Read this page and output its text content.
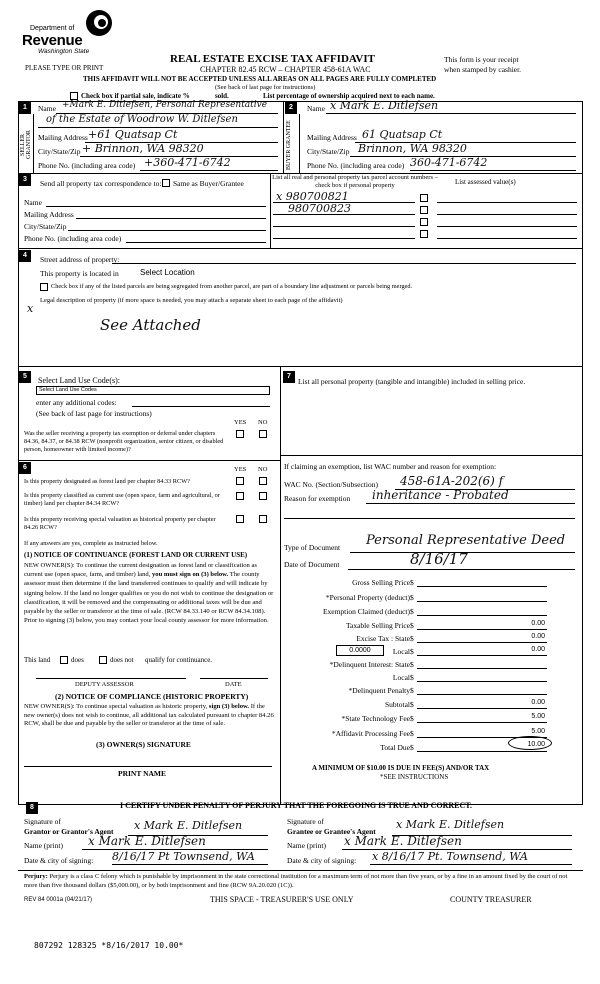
Department of
Revenue
Washington State
PLEASE TYPE OR PRINT
REAL ESTATE EXCISE TAX AFFIDAVIT
CHAPTER 82.45 RCW – CHAPTER 458-61A WAC
This form is your receipt
when stamped by cashier.
THIS AFFIDAVIT WILL NOT BE ACCEPTED UNLESS ALL AREAS ON ALL PAGES ARE FULLY COMPLETED
(See back of last page for instructions)
Check box if partial sale, indicate %	sold.	List percentage of ownership acquired next to each name.
1
SELLER GRANTOR
Name +Mark E. Ditlefsen, Personal Representative
of the Estate of Woodrow W. Ditlefsen
Mailing Address +61 Quatsap Ct
City/State/Zip + Brinnon, WA 98320
Phone No. (including area code) +360-471-6742
2
BUYER GRANTEE
Name x Mark E. Ditlefsen
Mailing Address 61 Quatsap Ct
City/State/Zip Brinnon, WA 98320
Phone No. (including area code) 360-471-6742
3	Send all property tax correspondence to: Same as Buyer/Grantee
Name
Mailing Address
City/State/Zip
Phone No. (including area code)
List all real and personal property tax parcel account numbers – check box if personal property	List assessed value(s)
x 980700821
980700823
4	Street address of property:
This property is located in	Select Location
Check box if any of the listed parcels are being segregated from another parcel, are part of a boundary line adjustment or parcels being merged.
Legal description of property (if more space is needed, you may attach a separate sheet to each page of the affidavit)
x
See Attached
5	Select Land Use Code(s):
Select Land Use Codes
enter any additional codes:
(See back of last page for instructions)
YES NO
Was the seller receiving a property tax exemption or deferral under chapters 84.36, 84.37, or 84.38 RCW (nonprofit organization, senior citizen, or disabled person, homeowner with limited income)?
7
List all personal property (tangible and intangible) included in selling price.
6	YES NO
Is this property designated as forest land per chapter 84.33 RCW?
Is this property classified as current use (open space, farm and agricultural, or timber) land per chapter 84.34 RCW?
Is this property receiving special valuation as historical property per chapter 84.26 RCW?
If any answers are yes, complete as instructed below.
(1) NOTICE OF CONTINUANCE (FOREST LAND OR CURRENT USE)
NEW OWNER(S): To continue the current designation as forest land or classification as current use (open space, farm, and timber) land, you must sign on (3) below. The county assessor must then determine if the land transferred continues to qualify and will indicate by signing below. If the land no longer qualifies or you do not wish to continue the designation or classification, it will be removed and the compensating or additional taxes will be due and payable by the seller or transferor at the time of sale. (RCW 84.33.140 or RCW 84.34.108). Prior to signing (3) below, you may contact your local county assessor for more information.
This land	does	does not qualify for continuance.
DEPUTY ASSESSOR	DATE
(2) NOTICE OF COMPLIANCE (HISTORIC PROPERTY)
NEW OWNER(S): To continue special valuation as historic property, sign (3) below. If the new owner(s) does not wish to continue, all additional tax calculated pursuant to chapter 84.26 RCW, shall be due and payable by the seller or transferor at the time of sale.
(3) OWNER(S) SIGNATURE
PRINT NAME
If claiming an exemption, list WAC number and reason for exemption:
WAC No. (Section/Subsection) 458-61A-202(6) f
Reason for exemption inheritance - Probated
Type of Document Personal Representative Deed
Date of Document	8/16/17
Gross Selling Price $
*Personal Property (deduct) $
Exemption Claimed (deduct) $
Taxable Selling Price $	0.00
Excise Tax : State $	0.00
0.0000	Local $	0.00
*Delinquent Interest: State $
Local $
*Delinquent Penalty $
Subtotal $	0.00
*State Technology Fee $	5.00
*Affidavit Processing Fee $	5.00
Total Due $	10.00
A MINIMUM OF $10.00 IS DUE IN FEE(S) AND/OR TAX
*SEE INSTRUCTIONS
8	I CERTIFY UNDER PENALTY OF PERJURY THAT THE FOREGOING IS TRUE AND CORRECT.
Signature of
Grantor or Grantor's Agent x Mark E. Ditlefsen
Name (print) x Mark E. Ditlefsen
Date & city of signing: 8/16/17 Pt Townsend, WA
Signature of
Grantee or Grantee's Agent
x Mark E. Ditlefsen
Name (print) x Mark E. Ditlefsen
Date & city of signing: x 8/16/17 Pt. Townsend, WA
Perjury: Perjury is a class C felony which is punishable by imprisonment in the state correctional institution for a maximum term of not more than five years, or by a fine in an amount fixed by the court of not more than five thousand dollars ($5,000.00), or by both imprisonment and fine (RCW 9A.20.020 (1C)).
REV 84 0001a (04/21/17)	THIS SPACE - TREASURER'S USE ONLY	COUNTY TREASURER
807292 128325 *8/16/2017 10.00*
